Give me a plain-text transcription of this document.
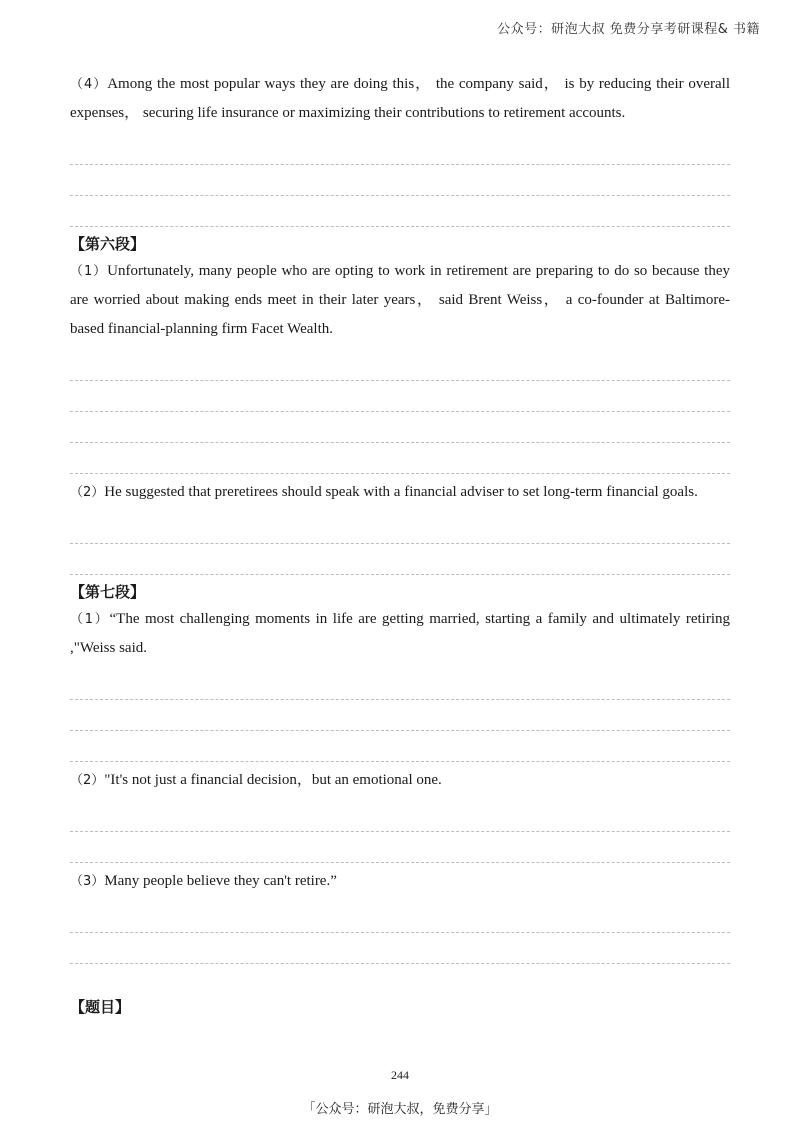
公众号：研泡大叔 免费分享考研课程& 书籍

（4）Among the most popular ways they are doing this， the company said， is by reducing their overall expenses， securing life insurance or maximizing their contributions to retirement accounts.

【第六段】

（1）Unfortunately, many people who are opting to work in retirement are preparing to do so because they are worried about making ends meet in their later years， said Brent Weiss， a co-founder at Baltimore-based financial-planning firm Facet Wealth.

（2）He suggested that preretirees should speak with a financial adviser to set long-term financial goals.

【第七段】

（1）“The most challenging moments in life are getting married, starting a family and ultimately retiring ,"Weiss said.

（2）"It's not just a financial decision，but an emotional one.

（3）Many people believe they can't retire.”

【题目】

244
「公众号：研泡大叔，免费分享」
